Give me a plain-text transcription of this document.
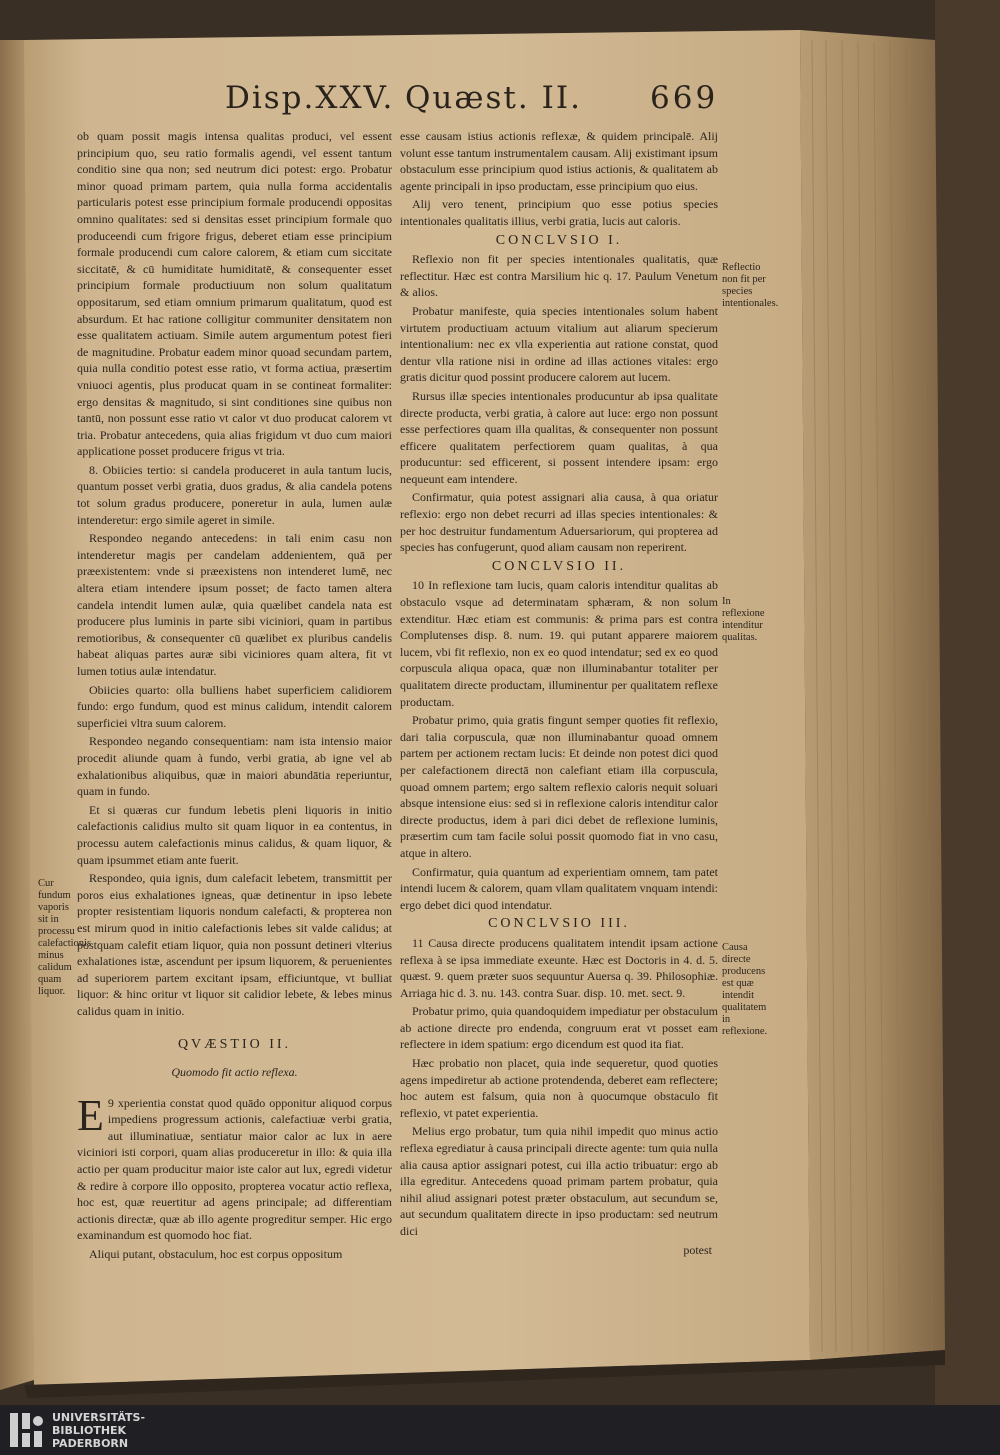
Disp.XXV. Quæst. II. 669

ob quam possit magis intensa qualitas produci, vel essent principium quo, seu ratio formalis agendi, vel essent tantum conditio sine qua non; sed neutrum dici potest: ergo. Probatur minor quoad primam partem, quia nulla forma accidentalis particularis potest esse principium formale producendi oppositas omnino qualitates: sed si densitas esset principium formale quo produceendi cum frigore frigus, deberet etiam esse principium formale producendi cum calore calorem, & etiam cum siccitate siccitatē, & cū humiditate humiditatē, & consequenter esset principium formale productiuum non solum qualitatum oppositarum, sed etiam omnium primarum qualitatum, quod est absurdum. Et hac ratione colligitur communiter densitatem non esse qualitatem actiuam. Simile autem argumentum potest fieri de magnitudine. Probatur eadem minor quoad secundam partem, quia nulla conditio potest esse ratio, vt forma actiua, præsertim vniuoci agentis, plus producat quam in se contineat formaliter: ergo densitas & magnitudo, si sint conditiones sine quibus non tantū, non possunt esse ratio vt calor vt duo producat calorem vt tria. Probatur antecedens, quia alias frigidum vt duo cum maiori applicatione posset producere frigus vt tria.

8. Obiicies tertio: si candela produceret in aula tantum lucis, quantum posset verbi gratia, duos gradus, & alia candela potens tot solum gradus producere, poneretur in aula, lumen aulæ intenderetur: ergo simile ageret in simile.

Respondeo negando antecedens: in tali enim casu non intenderetur magis per candelam addenientem, quā per præexistentem: vnde si præexistens non intenderet lumē, nec altera etiam intendere ipsum posset; de facto tamen altera candela intendit lumen aulæ, quia quælibet candela nata est producere plus luminis in parte sibi viciniori, quam in partibus remotioribus, & consequenter cū quælibet ex pluribus candelis habeat aliquas partes auræ sibi viciniores quam altera, fit vt lumen totius aulæ intendatur.

Obiicies quarto: olla bulliens habet superficiem calidiorem fundo: ergo fundum, quod est minus calidum, intendit calorem superficiei vltra suum calorem.

Respondeo negando consequentiam: nam ista intensio maior procedit aliunde quam à fundo, verbi gratia, ab igne vel ab exhalationibus aliquibus, quæ in maiori abundātia reperiuntur, quam in fundo.

Et si quæras cur fundum lebetis pleni liquoris in initio calefactionis calidius multo sit quam liquor in ea contentus, in processu autem calefactionis minus calidus, & quam liquor, & quam ipsummet etiam ante fuerit.

Respondeo, quia ignis, dum calefacit lebetem, transmittit per poros eius exhalationes igneas, quæ detinentur in ipso lebete propter resistentiam liquoris nondum calefacti, & propterea non est mirum quod in initio calefactionis lebes sit valde calidus; at postquam calefit etiam liquor, quia non possunt detineri vlterius exhalationes istæ, ascendunt per ipsum liquorem, & peruenientes ad superiorem partem excitant ipsam, efficiuntque, vt bulliat liquor: & hinc oritur vt liquor sit calidior lebete, & lebes minus calidus quam in initio.

QVÆSTIO II.
Quomodo fit actio reflexa.

9
E xperientia constat quod quādo opponitur aliquod corpus impediens progressum actionis, calefactiuæ verbi gratia, aut illuminatiuæ, sentiatur maior calor ac lux in aere viciniori isti corpori, quam alias produceretur in illo: & quia illa actio per quam producitur maior iste calor aut lux, egredi videtur & redire à corpore illo opposito, propterea vocatur actio reflexa, hoc est, quæ reuertitur ad agens principale; ad differentiam actionis directæ, quæ ab illo agente progreditur semper. Hic ergo examinandum est quomodo hoc fiat.

Aliqui putant, obstaculum, hoc est corpus oppositum

esse causam istius actionis reflexæ, & quidem principalē. Alij volunt esse tantum instrumentalem causam. Alij existimant ipsum obstaculum esse principium quod istius actionis, & qualitatem ab agente principali in ipso productam, esse principium quo eius.

Alij vero tenent, principium quo esse potius species intentionales qualitatis illius, verbi gratia, lucis aut caloris.

CONCLVSIO I.

Reflexio non fit per species intentionales qualitatis, quæ reflectitur. Hæc est contra Marsilium hic q. 17. Paulum Venetum & alios.

Probatur manifeste, quia species intentionales solum habent virtutem productiuam actuum vitalium aut aliarum specierum intentionalium: nec ex vlla experientia aut ratione constat, quod dentur vlla ratione nisi in ordine ad illas actiones vitales: ergo gratis dicitur quod possint producere calorem aut lucem.

Rursus illæ species intentionales producuntur ab ipsa qualitate directe producta, verbi gratia, à calore aut luce: ergo non possunt esse perfectiores quam illa qualitas, & consequenter non possunt efficere qualitatem perfectiorem quam qualitas, à qua producuntur: sed efficerent, si possent intendere ipsam: ergo nequeunt eam intendere.

Confirmatur, quia potest assignari alia causa, à qua oriatur reflexio: ergo non debet recurri ad illas species intentionales: & per hoc destruitur fundamentum Aduersariorum, qui propterea ad species has confugerunt, quod aliam causam non reperirent.

CONCLVSIO II.

10 In reflexione tam lucis, quam caloris intenditur qualitas ab obstaculo vsque ad determinatam sphæram, & non solum extenditur. Hæc etiam est communis: & prima pars est contra Complutenses disp. 8. num. 19. qui putant apparere maiorem lucem, vbi fit reflexio, non ex eo quod intendatur; sed ex eo quod corpuscula aliqua opaca, quæ non illuminabantur totaliter per qualitatem directe productam, illuminentur per qualitatem reflexe productam.

Probatur primo, quia gratis fingunt semper quoties fit reflexio, dari talia corpuscula, quæ non illuminabantur quoad omnem partem per actionem rectam lucis: Et deinde non potest dici quod per calefactionem directā non calefiant etiam illa corpuscula, quoad omnem partem; ergo saltem reflexio caloris nequit soluari absque intensione eius: sed si in reflexione caloris intenditur calor directe productus, idem à pari dici debet de reflexione luminis, præsertim cum tam facile solui possit quomodo fiat in vno casu, atque in altero.

Confirmatur, quia quantum ad experientiam omnem, tam patet intendi lucem & calorem, quam vllam qualitatem vnquam intendi: ergo debet dici quod intendatur.

CONCLVSIO III.

11 Causa directe producens qualitatem intendit ipsam actione reflexa à se ipsa immediate exeunte. Hæc est Doctoris in 4. d. 5. quæst. 9. quem præter suos sequuntur Auersa q. 39. Philosophiæ. Arriaga hic d. 3. nu. 143. contra Suar. disp. 10. met. sect. 9.

Probatur primo, quia quandoquidem impediatur per obstaculum ab actione directe pro endenda, congruum erat vt posset eam reflectere in idem spatium: ergo dicendum est quod ita fiat.

Hæc probatio non placet, quia inde sequeretur, quod quoties agens impediretur ab actione protendenda, deberet eam reflectere; hoc autem est falsum, quia non à quocumque obstaculo fit reflexio, vt patet experientia.

Melius ergo probatur, tum quia nihil impedit quo minus actio reflexa egrediatur à causa principali directe agente: tum quia nulla alia causa aptior assignari potest, cui illa actio tribuatur: ergo ab illa egreditur. Antecedens quoad primam partem probatur, quia nihil aliud assignari potest præter obstaculum, aut secundum se, aut secundum qualitatem directe in ipso productam: sed neutrum dici

potest

Cur fundum vaporis sit in processu calefactionis minus calidum quam liquor.
Reflectio non fit per species intentionales.
In reflexione intenditur qualitas.
Causa directe producens est quæ intendit qualitatem in reflexione.
UNIVERSITÄTS-
BIBLIOTHEK
PADERBORN
